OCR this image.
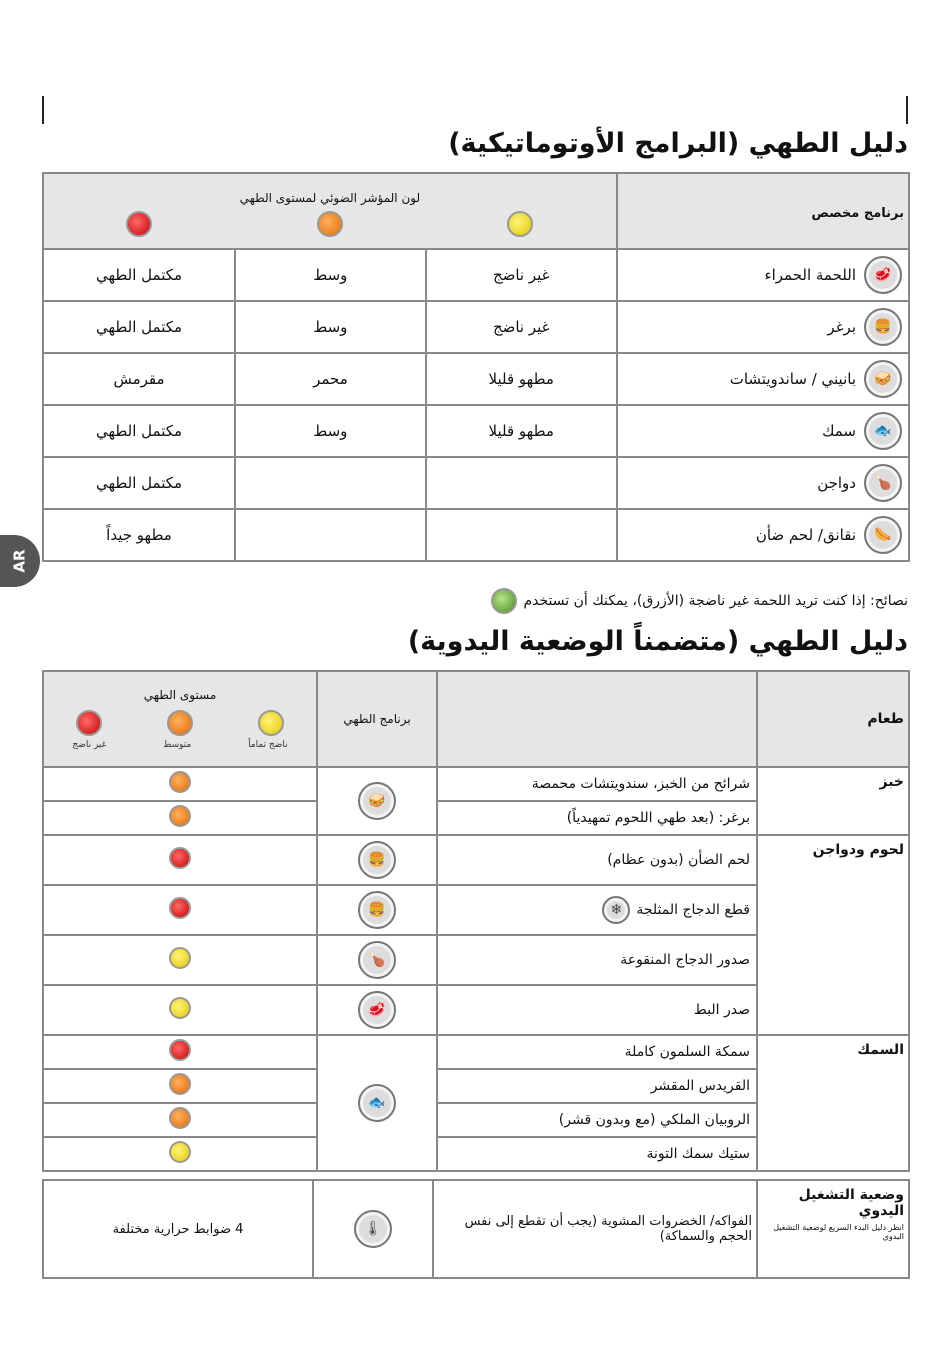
دليل الطهي (البرامج الأوتوماتيكية)
برنامج مخصص	لون المؤشر الضوئي لمستوى الطهي		

🥩
اللحمة الحمراء	غير ناضج	وسط	مكتمل الطهي

🍔
برغر	غير ناضج	وسط	مكتمل الطهي

🥪
بانيني / ساندويتشات	مطهو قليلا	محمر	مقرمش

🐟
سمك	مطهو قليلا	وسط	مكتمل الطهي

🍗
دواجن			مكتمل الطهي

🌭
نقانق/ لحم ضأن			مطهو جيداً
نصائح: إذا كنت تريد اللحمة غير ناضجة (الأزرق)، يمكنك أن تستخدم
AR
دليل الطهي (متضمناً الوضعية اليدوية)
طعام		برنامج الطهي	مستوى الطهي
ناضج تماماً
متوسط
غير ناضج

خبز	شرائح من الخبز، سندويتشات محمصة	🥪	
	برغر: (بعد طهي اللحوم تمهيدياً)		
لحوم ودواجن	لحم الضأن (بدون عظام)	🍔	
	قطع الدجاج المثلجة❄	🍔	
	صدور الدجاج المنقوعة	🍗	
	صدر البط	🥩	
السمك	سمكة السلمون كاملة	🐟	
	القريدس المقشر		
	الروبيان الملكي (مع وبدون قشر)		
	ستيك سمك التونة		
وضعية التشغيل اليدوي
انظر دليل البدء السريع لوضعية التشغيل اليدوي
	الفواكه/ الخضروات المشوية (يجب أن تقطع إلى نفس الحجم والسماكة)	🌡	4 ضوابط حرارية مختلفة
